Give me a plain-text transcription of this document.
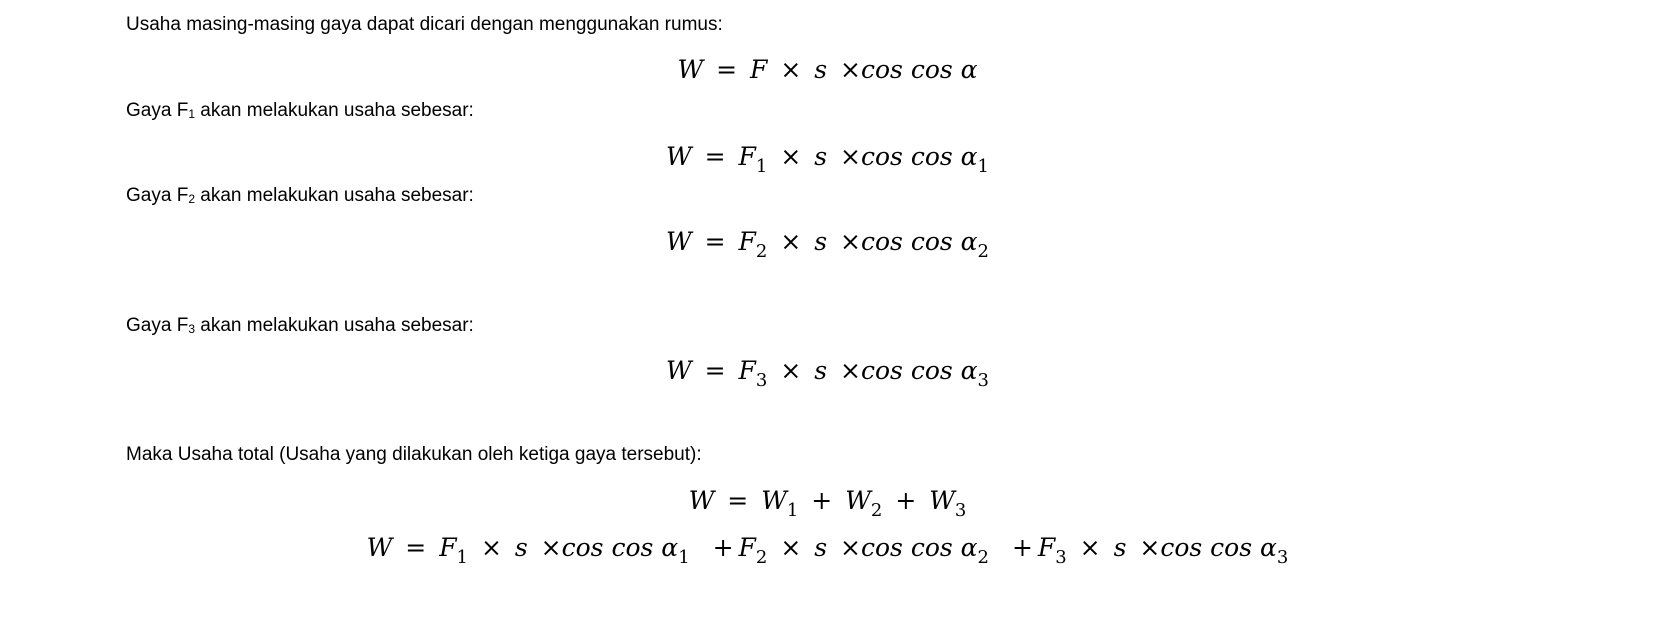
Usaha masing-masing gaya dapat dicari dengan menggunakan rumus:
W = F × s ×cos cos α
Gaya $F_1$ akan melakukan usaha sebesar:
$W = F_1 \times s \times\cos$ $\cos \alpha_1$
Gaya $F_2$ akan melakukan usaha sebesar:
$W = F_2 \times s \times\cos$ $\cos \alpha_2$
Gaya $F_3$ akan melakukan usaha sebesar:
$W = F_3 \times s \times\cos$ $\cos \alpha_3$
Maka Usaha total (Usaha yang dilakukan oleh ketiga gaya tersebut):
$W = W_1 + W_2 + W_3$
$W = F_1 \times s \times\cos$ $\cos \alpha_1 + F_2 \times s \times\cos$ $\cos \alpha_2 + F_3 \times s \times\cos$ $\cos \alpha_3$
